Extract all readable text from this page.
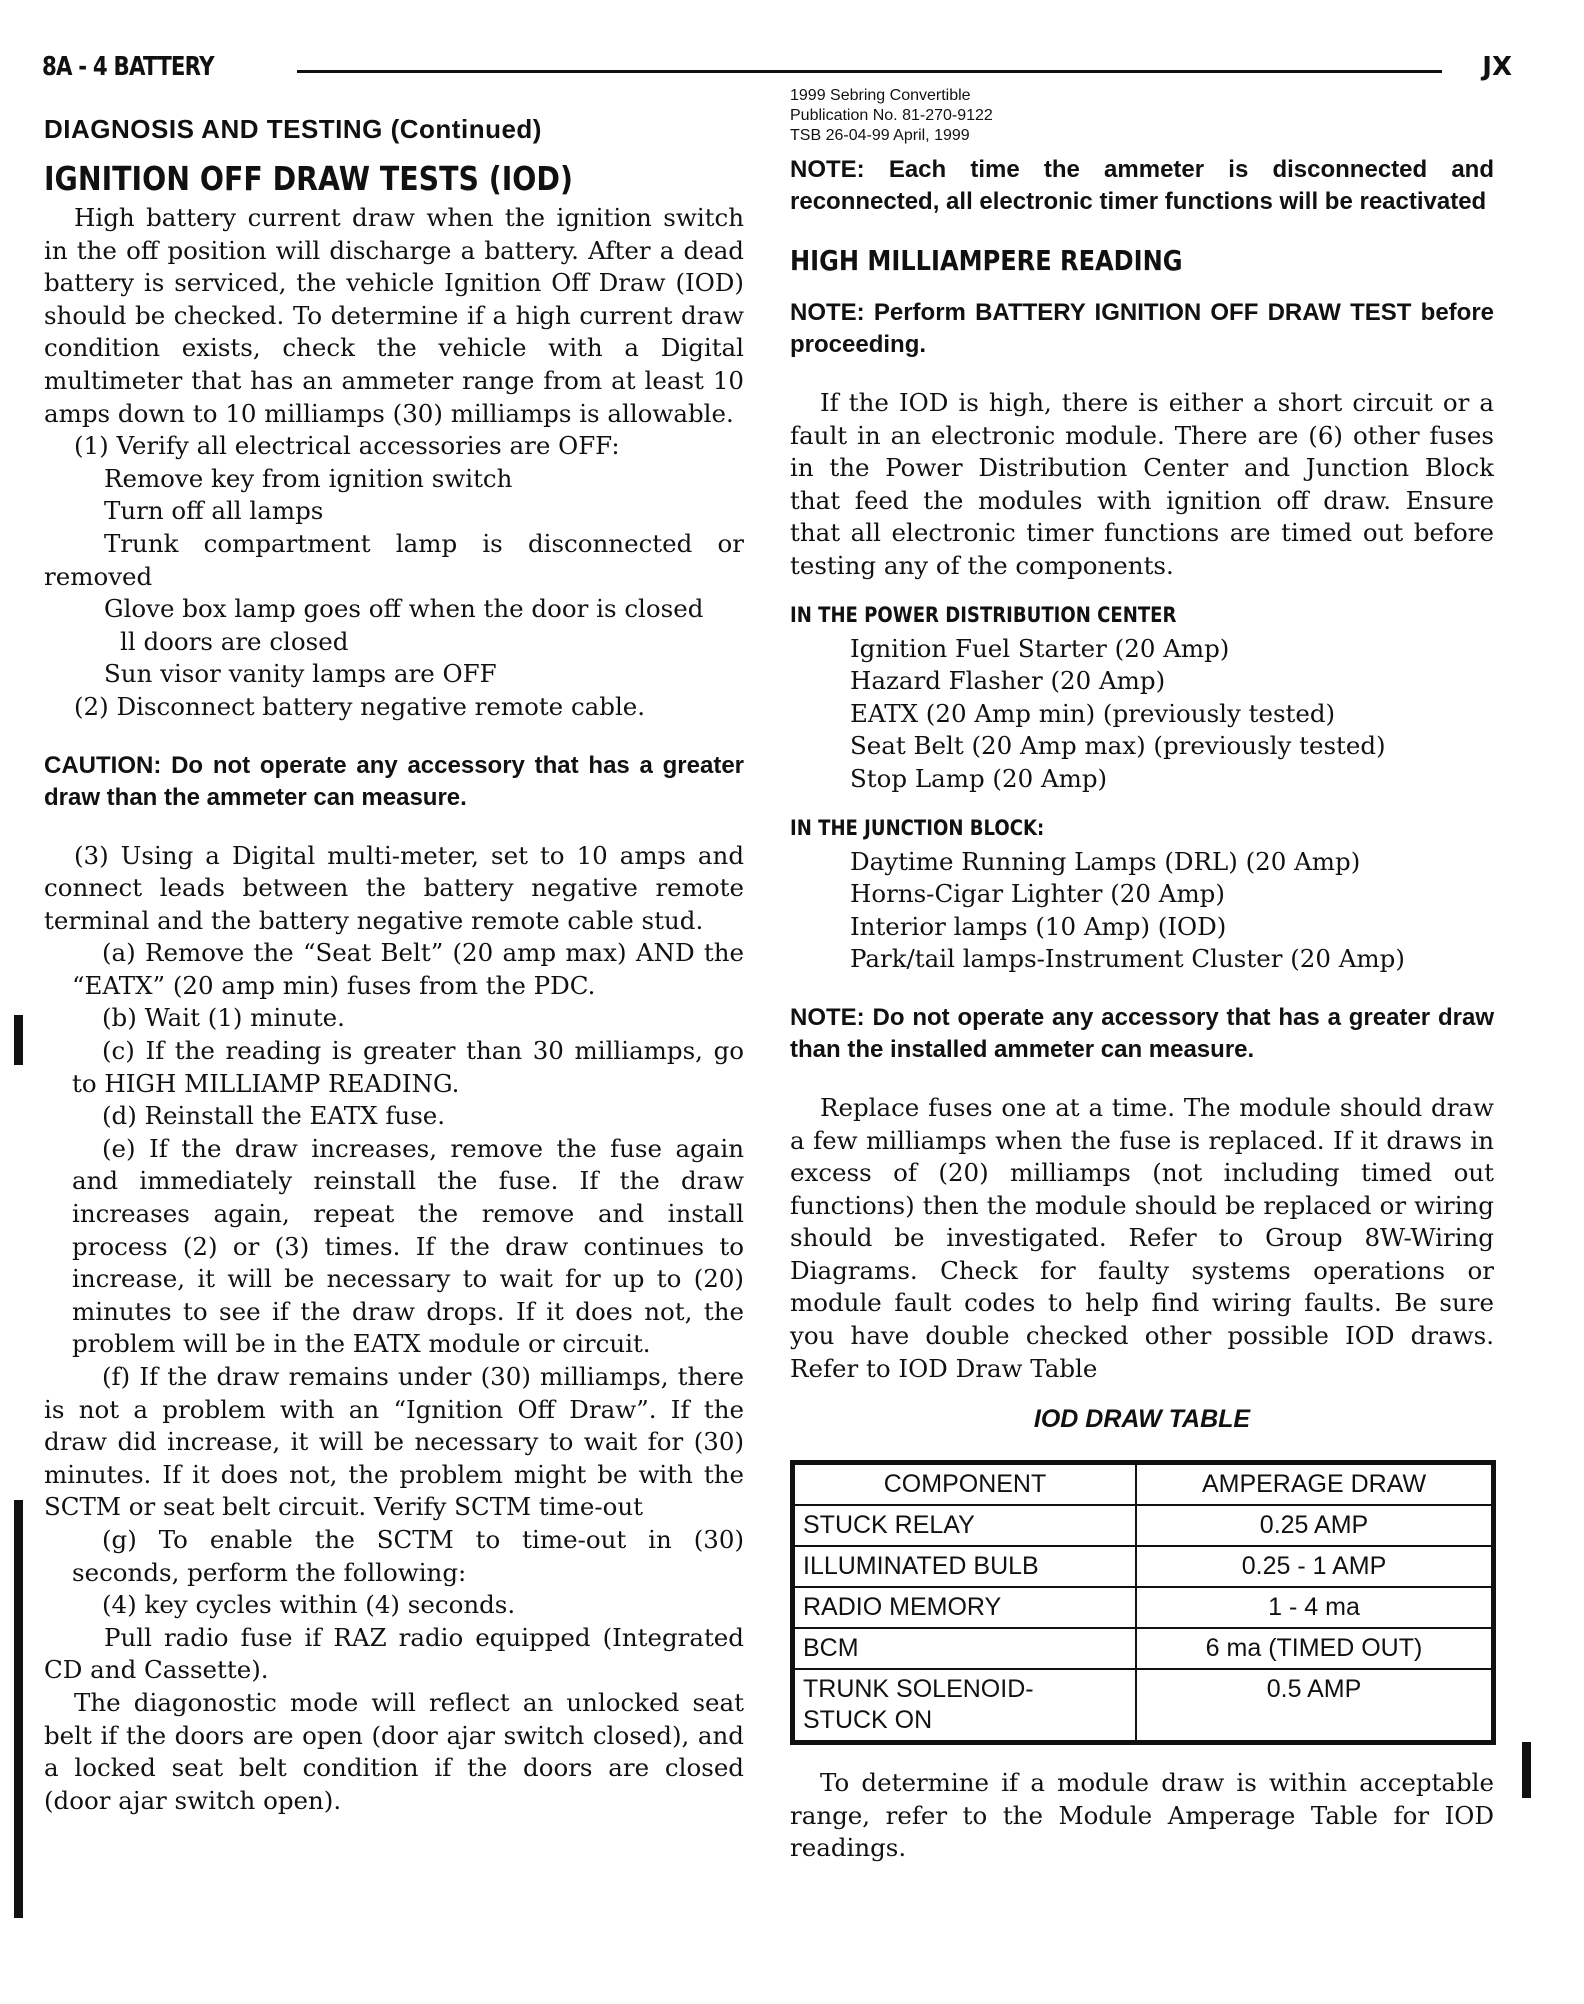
8A - 4 BATTERY	JX
DIAGNOSIS AND TESTING (Continued)
IGNITION OFF DRAW TESTS (IOD)

High battery current draw when the ignition switch in the off position will discharge a battery. After a dead battery is serviced, the vehicle Ignition Off Draw (IOD) should be checked. To determine if a high current draw condition exists, check the vehicle with a Digital multimeter that has an ammeter range from at least 10 amps down to 10 milliamps (30) milliamps is allowable.

(1) Verify all electrical accessories are OFF:

Remove key from ignition switch

Turn off all lamps

Trunk compartment lamp is disconnected or removed

Glove box lamp goes off when the door is closed

ll doors are closed

Sun visor vanity lamps are OFF

(2) Disconnect battery negative remote cable.

CAUTION: Do not operate any accessory that has a greater draw than the ammeter can measure.

(3) Using a Digital multi-meter, set to 10 amps and connect leads between the battery negative remote terminal and the battery negative remote cable stud.

(a) Remove the “Seat Belt” (20 amp max) AND the “EATX” (20 amp min) fuses from the PDC.

(b) Wait (1) minute.

(c) If the reading is greater than 30 milliamps, go to HIGH MILLIAMP READING.

(d) Reinstall the EATX fuse.

(e) If the draw increases, remove the fuse again and immediately reinstall the fuse. If the draw increases again, repeat the remove and install process (2) or (3) times. If the draw continues to increase, it will be necessary to wait for up to (20) minutes to see if the draw drops. If it does not, the problem will be in the EATX module or circuit.

(f) If the draw remains under (30) milliamps, there is not a problem with an “Ignition Off Draw”. If the draw did increase, it will be necessary to wait for (30) minutes. If it does not, the problem might be with the SCTM or seat belt circuit. Verify SCTM time-out

(g) To enable the SCTM to time-out in (30) seconds, perform the following:

(4) key cycles within (4) seconds.

Pull radio fuse if RAZ radio equipped (Integrated CD and Cassette).

The diagonostic mode will reflect an unlocked seat belt if the doors are open (door ajar switch closed), and a locked seat belt condition if the doors are closed (door ajar switch open).

1999 Sebring Convertible
Publication No. 81-270-9122
TSB 26-04-99 April, 1999
NOTE: Each time the ammeter is disconnected and reconnected, all electronic timer functions will be reactivated
HIGH MILLIAMPERE READING
NOTE: Perform BATTERY IGNITION OFF DRAW TEST before proceeding.

If the IOD is high, there is either a short circuit or a fault in an electronic module. There are (6) other fuses in the Power Distribution Center and Junction Block that feed the modules with ignition off draw. Ensure that all electronic timer functions are timed out before testing any of the components.

IN THE POWER DISTRIBUTION CENTER

Ignition Fuel Starter (20 Amp)

Hazard Flasher (20 Amp)

EATX (20 Amp min) (previously tested)

Seat Belt (20 Amp max) (previously tested)

Stop Lamp (20 Amp)

IN THE JUNCTION BLOCK:

Daytime Running Lamps (DRL) (20 Amp)

Horns-Cigar Lighter (20 Amp)

Interior lamps (10 Amp) (IOD)

Park/tail lamps-Instrument Cluster (20 Amp)

NOTE: Do not operate any accessory that has a greater draw than the installed ammeter can measure.

Replace fuses one at a time. The module should draw a few milliamps when the fuse is replaced. If it draws in excess of (20) milliamps (not including timed out functions) then the module should be replaced or wiring should be investigated. Refer to Group 8W-Wiring Diagrams. Check for faulty systems operations or module fault codes to help find wiring faults. Be sure you have double checked other possible IOD draws. Refer to IOD Draw Table

IOD DRAW TABLE
COMPONENT	AMPERAGE DRAW
STUCK RELAY	0.25 AMP
ILLUMINATED BULB	0.25 - 1 AMP
RADIO MEMORY	1 - 4 ma
BCM	6 ma (TIMED OUT)
TRUNK SOLENOID-STUCK ON	0.5 AMP

To determine if a module draw is within acceptable range, refer to the Module Amperage Table for IOD readings.
